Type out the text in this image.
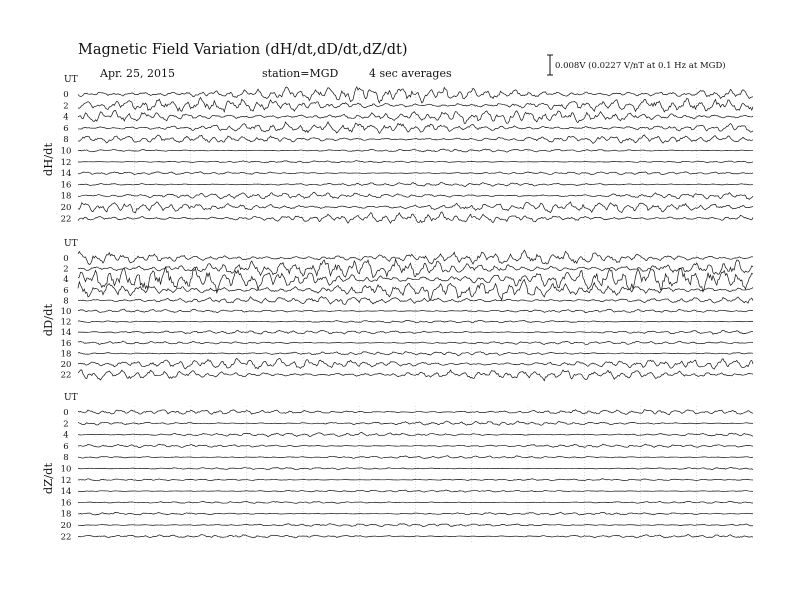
Magnetic Field Variation (dH/dt,dD/dt,dZ/dt)
Apr. 25, 2015	station=MGD	4 sec averages
0.008V (0.0227 V/nT at 0.1 Hz at MGD)
UT
dH/dt
0
2
4
6
8
10
12
14
16
18
20
22
UT
dD/dt
0
2
4
6
8
10
12
14
16
18
20
22
UT
dZ/dt
0
2
4
6
8
10
12
14
16
18
20
22
